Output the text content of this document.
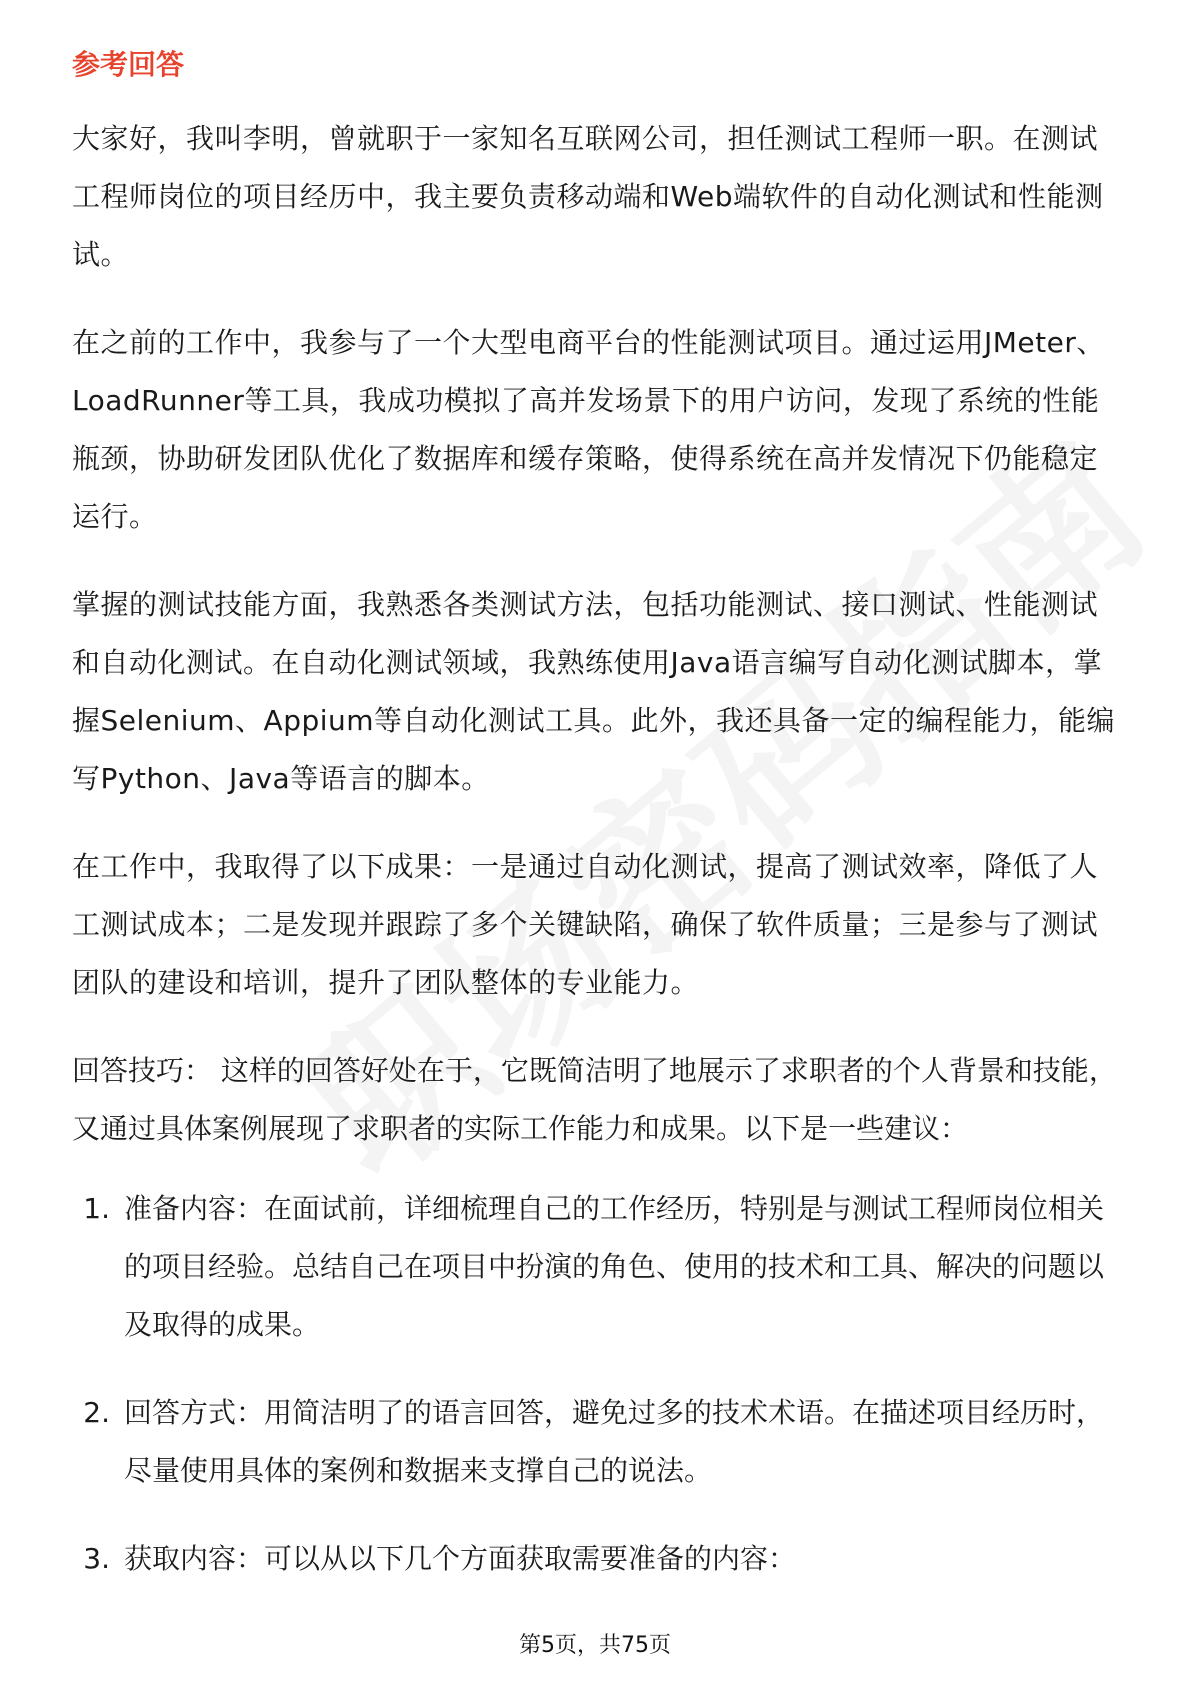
参考回答

大家好，我叫李明，曾就职于一家知名互联网公司，担任测试工程师一职。在测试工程师岗位的项目经历中，我主要负责移动端和Web端软件的自动化测试和性能测试。

在之前的工作中，我参与了一个大型电商平台的性能测试项目。通过运用JMeter、LoadRunner等工具，我成功模拟了高并发场景下的用户访问，发现了系统的性能瓶颈，协助研发团队优化了数据库和缓存策略，使得系统在高并发情况下仍能稳定运行。

掌握的测试技能方面，我熟悉各类测试方法，包括功能测试、接口测试、性能测试和自动化测试。在自动化测试领域，我熟练使用Java语言编写自动化测试脚本，掌握Selenium、Appium等自动化测试工具。此外，我还具备一定的编程能力，能编写Python、Java等语言的脚本。

在工作中，我取得了以下成果：一是通过自动化测试，提高了测试效率，降低了人工测试成本；二是发现并跟踪了多个关键缺陷，确保了软件质量；三是参与了测试团队的建设和培训，提升了团队整体的专业能力。

回答技巧： 这样的回答好处在于，它既简洁明了地展示了求职者的个人背景和技能，又通过具体案例展现了求职者的实际工作能力和成果。以下是一些建议：

1. 准备内容：在面试前，详细梳理自己的工作经历，特别是与测试工程师岗位相关的项目经验。总结自己在项目中扮演的角色、使用的技术和工具、解决的问题以及取得的成果。
2. 回答方式：用简洁明了的语言回答，避免过多的技术术语。在描述项目经历时，尽量使用具体的案例和数据来支撑自己的说法。
3. 获取内容：可以从以下几个方面获取需要准备的内容：
第5页，共75页
